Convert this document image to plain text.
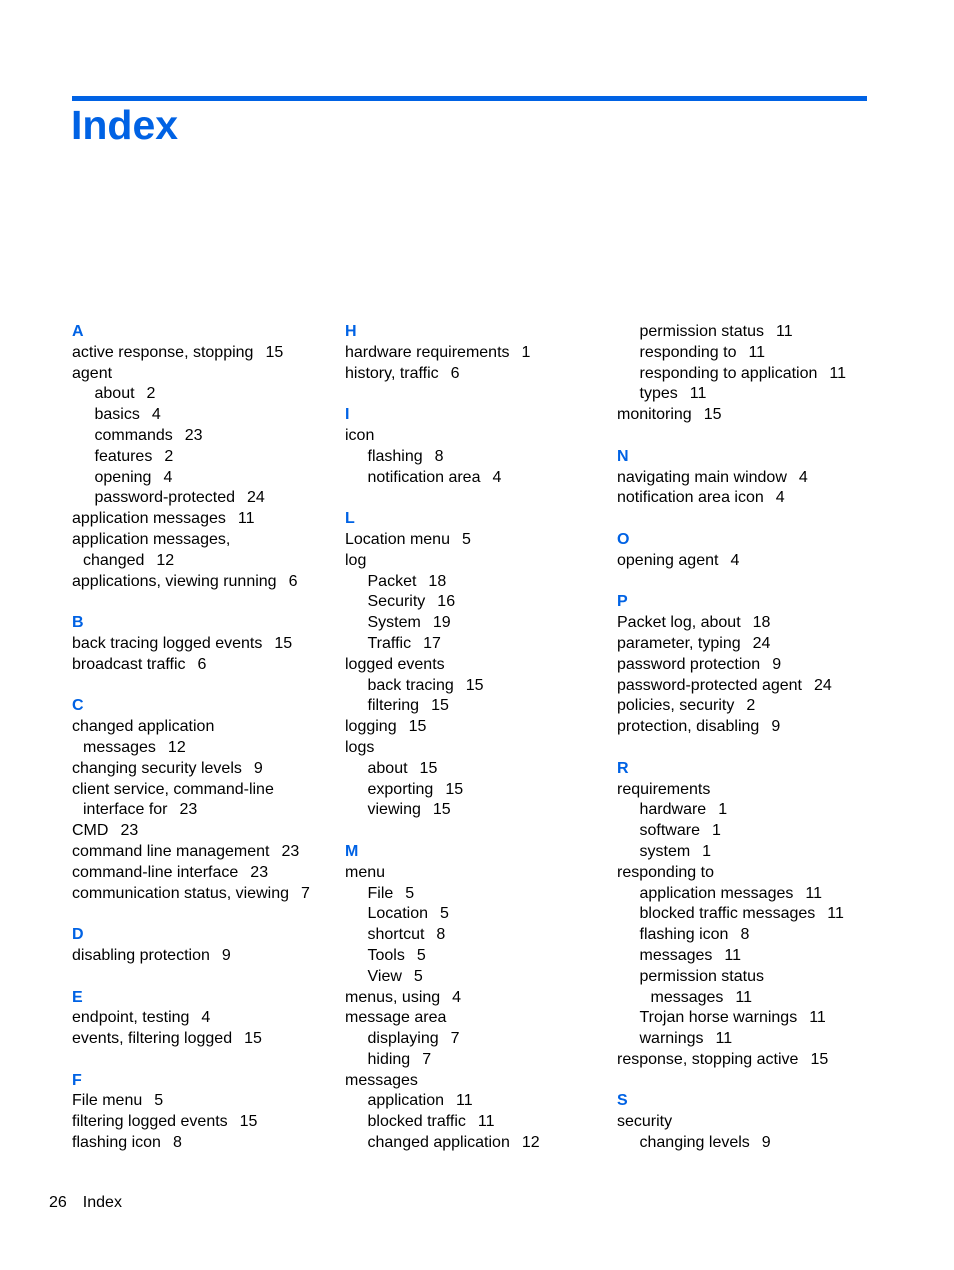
Index
A
active response, stopping 15
agent
about 2
basics 4
commands 23
features 2
opening 4
password-protected 24
application messages 11
application messages,
changed 12
applications, viewing running 6
B
back tracing logged events 15
broadcast traffic 6
C
changed application
messages 12
changing security levels 9
client service, command-line
interface for 23
CMD 23
command line management 23
command-line interface 23
communication status, viewing 7
D
disabling protection 9
E
endpoint, testing 4
events, filtering logged 15
F
File menu 5
filtering logged events 15
flashing icon 8
H
hardware requirements 1
history, traffic 6
I
icon
flashing 8
notification area 4
L
Location menu 5
log
Packet 18
Security 16
System 19
Traffic 17
logged events
back tracing 15
filtering 15
logging 15
logs
about 15
exporting 15
viewing 15
M
menu
File 5
Location 5
shortcut 8
Tools 5
View 5
menus, using 4
message area
displaying 7
hiding 7
messages
application 11
blocked traffic 11
changed application 12
permission status 11
responding to 11
responding to application 11
types 11
monitoring 15
N
navigating main window 4
notification area icon 4
O
opening agent 4
P
Packet log, about 18
parameter, typing 24
password protection 9
password-protected agent 24
policies, security 2
protection, disabling 9
R
requirements
hardware 1
software 1
system 1
responding to
application messages 11
blocked traffic messages 11
flashing icon 8
messages 11
permission status
messages 11
Trojan horse warnings 11
warnings 11
response, stopping active 15
S
security
changing levels 9
26 Index
